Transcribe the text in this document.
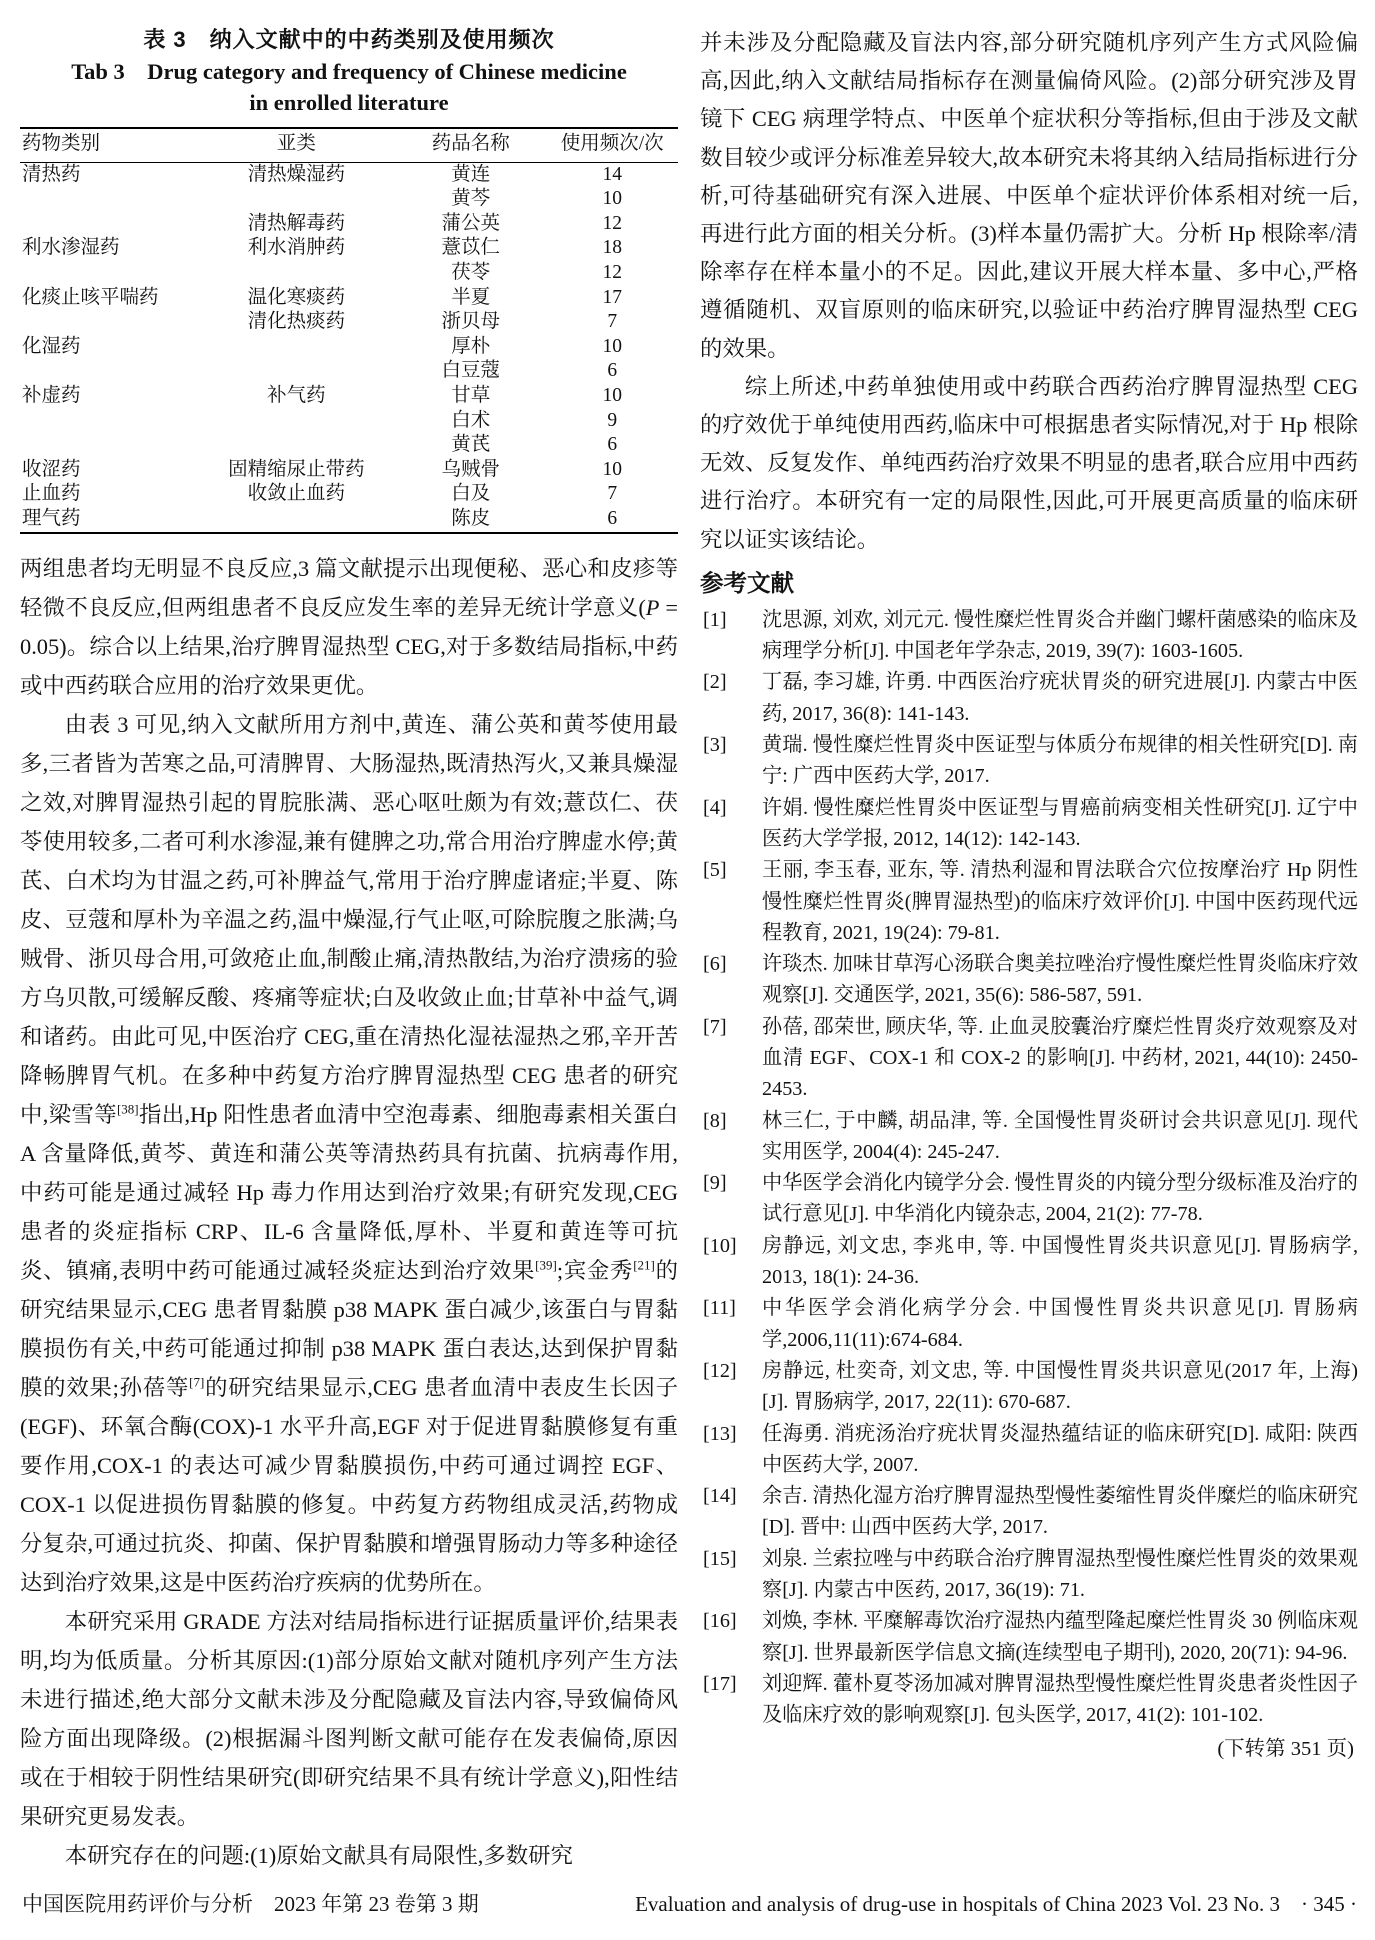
表 3　纳入文献中的中药类别及使用频次
Tab 3　Drug category and frequency of Chinese medicine
in enrolled literature
药物类别	亚类	药品名称	使用频次/次
清热药	清热燥湿药	黄连	14
		黄芩	10
	清热解毒药	蒲公英	12
利水渗湿药	利水消肿药	薏苡仁	18
		茯苓	12
化痰止咳平喘药	温化寒痰药	半夏	17
	清化热痰药	浙贝母	7
化湿药		厚朴	10
		白豆蔻	6
补虚药	补气药	甘草	10
		白术	9
		黄芪	6
收涩药	固精缩尿止带药	乌贼骨	10
止血药	收敛止血药	白及	7
理气药		陈皮	6

两组患者均无明显不良反应,3 篇文献提示出现便秘、恶心和皮疹等轻微不良反应,但两组患者不良反应发生率的差异无统计学意义(P = 0.05)。综合以上结果,治疗脾胃湿热型 CEG,对于多数结局指标,中药或中西药联合应用的治疗效果更优。

由表 3 可见,纳入文献所用方剂中,黄连、蒲公英和黄芩使用最多,三者皆为苦寒之品,可清脾胃、大肠湿热,既清热泻火,又兼具燥湿之效,对脾胃湿热引起的胃脘胀满、恶心呕吐颇为有效;薏苡仁、茯苓使用较多,二者可利水渗湿,兼有健脾之功,常合用治疗脾虚水停;黄芪、白术均为甘温之药,可补脾益气,常用于治疗脾虚诸症;半夏、陈皮、豆蔻和厚朴为辛温之药,温中燥湿,行气止呕,可除脘腹之胀满;乌贼骨、浙贝母合用,可敛疮止血,制酸止痛,清热散结,为治疗溃疡的验方乌贝散,可缓解反酸、疼痛等症状;白及收敛止血;甘草补中益气,调和诸药。由此可见,中医治疗 CEG,重在清热化湿祛湿热之邪,辛开苦降畅脾胃气机。在多种中药复方治疗脾胃湿热型 CEG 患者的研究中,梁雪等[38]指出,Hp 阳性患者血清中空泡毒素、细胞毒素相关蛋白 A 含量降低,黄芩、黄连和蒲公英等清热药具有抗菌、抗病毒作用,中药可能是通过减轻 Hp 毒力作用达到治疗效果;有研究发现,CEG 患者的炎症指标 CRP、IL-6 含量降低,厚朴、半夏和黄连等可抗炎、镇痛,表明中药可能通过减轻炎症达到治疗效果[39];宾金秀[21]的研究结果显示,CEG 患者胃黏膜 p38 MAPK 蛋白减少,该蛋白与胃黏膜损伤有关,中药可能通过抑制 p38 MAPK 蛋白表达,达到保护胃黏膜的效果;孙蓓等[7]的研究结果显示,CEG 患者血清中表皮生长因子(EGF)、环氧合酶(COX)-1 水平升高,EGF 对于促进胃黏膜修复有重要作用,COX-1 的表达可减少胃黏膜损伤,中药可通过调控 EGF、COX-1 以促进损伤胃黏膜的修复。中药复方药物组成灵活,药物成分复杂,可通过抗炎、抑菌、保护胃黏膜和增强胃肠动力等多种途径达到治疗效果,这是中医药治疗疾病的优势所在。

本研究采用 GRADE 方法对结局指标进行证据质量评价,结果表明,均为低质量。分析其原因:(1)部分原始文献对随机序列产生方法未进行描述,绝大部分文献未涉及分配隐藏及盲法内容,导致偏倚风险方面出现降级。(2)根据漏斗图判断文献可能存在发表偏倚,原因或在于相较于阴性结果研究(即研究结果不具有统计学意义),阳性结果研究更易发表。

本研究存在的问题:(1)原始文献具有局限性,多数研究

并未涉及分配隐藏及盲法内容,部分研究随机序列产生方式风险偏高,因此,纳入文献结局指标存在测量偏倚风险。(2)部分研究涉及胃镜下 CEG 病理学特点、中医单个症状积分等指标,但由于涉及文献数目较少或评分标准差异较大,故本研究未将其纳入结局指标进行分析,可待基础研究有深入进展、中医单个症状评价体系相对统一后,再进行此方面的相关分析。(3)样本量仍需扩大。分析 Hp 根除率/清除率存在样本量小的不足。因此,建议开展大样本量、多中心,严格遵循随机、双盲原则的临床研究,以验证中药治疗脾胃湿热型 CEG 的效果。

综上所述,中药单独使用或中药联合西药治疗脾胃湿热型 CEG 的疗效优于单纯使用西药,临床中可根据患者实际情况,对于 Hp 根除无效、反复发作、单纯西药治疗效果不明显的患者,联合应用中西药进行治疗。本研究有一定的局限性,因此,可开展更高质量的临床研究以证实该结论。

参考文献
[1]	沈思源, 刘欢, 刘元元. 慢性糜烂性胃炎合并幽门螺杆菌感染的临床及病理学分析[J]. 中国老年学杂志, 2019, 39(7): 1603-1605.
[2]	丁磊, 李习雄, 许勇. 中西医治疗疣状胃炎的研究进展[J]. 内蒙古中医药, 2017, 36(8): 141-143.
[3]	黄瑞. 慢性糜烂性胃炎中医证型与体质分布规律的相关性研究[D]. 南宁: 广西中医药大学, 2017.
[4]	许娟. 慢性糜烂性胃炎中医证型与胃癌前病变相关性研究[J]. 辽宁中医药大学学报, 2012, 14(12): 142-143.
[5]	王丽, 李玉春, 亚东, 等. 清热利湿和胃法联合穴位按摩治疗 Hp 阴性慢性糜烂性胃炎(脾胃湿热型)的临床疗效评价[J]. 中国中医药现代远程教育, 2021, 19(24): 79-81.
[6]	许琰杰. 加味甘草泻心汤联合奥美拉唑治疗慢性糜烂性胃炎临床疗效观察[J]. 交通医学, 2021, 35(6): 586-587, 591.
[7]	孙蓓, 邵荣世, 顾庆华, 等. 止血灵胶囊治疗糜烂性胃炎疗效观察及对血清 EGF、COX-1 和 COX-2 的影响[J]. 中药材, 2021, 44(10): 2450-2453.
[8]	林三仁, 于中麟, 胡品津, 等. 全国慢性胃炎研讨会共识意见[J]. 现代实用医学, 2004(4): 245-247.
[9]	中华医学会消化内镜学分会. 慢性胃炎的内镜分型分级标准及治疗的试行意见[J]. 中华消化内镜杂志, 2004, 21(2): 77-78.
[10]	房静远, 刘文忠, 李兆申, 等. 中国慢性胃炎共识意见[J]. 胃肠病学, 2013, 18(1): 24-36.
[11]	中华医学会消化病学分会. 中国慢性胃炎共识意见[J]. 胃肠病学,2006,11(11):674-684.
[12]	房静远, 杜奕奇, 刘文忠, 等. 中国慢性胃炎共识意见(2017 年, 上海)[J]. 胃肠病学, 2017, 22(11): 670-687.
[13]	任海勇. 消疣汤治疗疣状胃炎湿热蕴结证的临床研究[D]. 咸阳: 陕西中医药大学, 2007.
[14]	余吉. 清热化湿方治疗脾胃湿热型慢性萎缩性胃炎伴糜烂的临床研究[D]. 晋中: 山西中医药大学, 2017.
[15]	刘泉. 兰索拉唑与中药联合治疗脾胃湿热型慢性糜烂性胃炎的效果观察[J]. 内蒙古中医药, 2017, 36(19): 71.
[16]	刘焕, 李林. 平糜解毒饮治疗湿热内蕴型隆起糜烂性胃炎 30 例临床观察[J]. 世界最新医学信息文摘(连续型电子期刊), 2020, 20(71): 94-96.
[17]	刘迎辉. 藿朴夏苓汤加减对脾胃湿热型慢性糜烂性胃炎患者炎性因子及临床疗效的影响观察[J]. 包头医学, 2017, 41(2): 101-102.
(下转第 351 页)
中国医院用药评价与分析　2023 年第 23 卷第 3 期	Evaluation and analysis of drug-use in hospitals of China 2023 Vol. 23 No. 3　· 345 ·
